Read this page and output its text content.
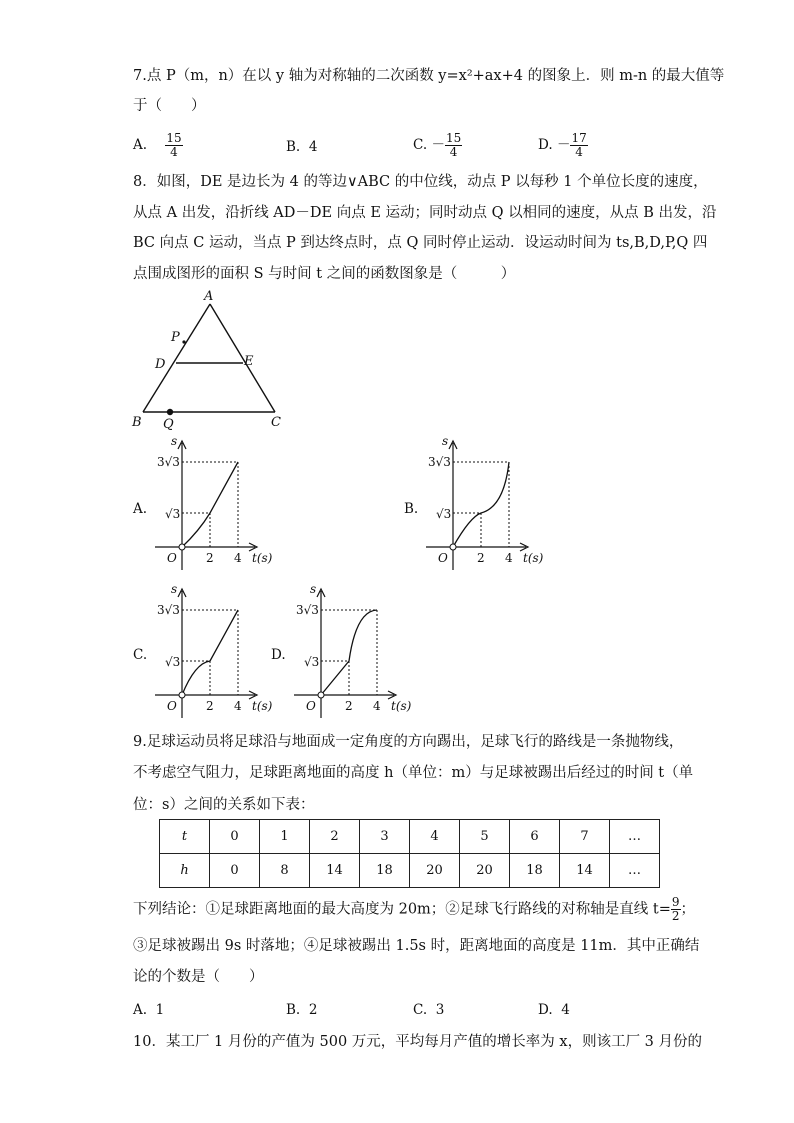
7.点 P（m，n）在以 y 轴为对称轴的二次函数 y=x²+ax+4 的图象上．则 m-n 的最大值等
于（　　）
A. $\frac{15}{4}$	B. 4	C. － $\frac{15}{4}$	D. － $\frac{17}{4}$
8．如图，DE 是边长为 4 的等边∨ABC 的中位线，动点 P 以每秒 1 个单位长度的速度，
从点 A 出发，沿折线 AD－DE 向点 E 运动；同时动点 Q 以相同的速度，从点 B 出发，沿
BC 向点 C 运动，当点 P 到达终点时，点 Q 同时停止运动．设运动时间为 ts,B,D,P,Q 四
点围成图形的面积 S 与时间 t 之间的函数图象是（　　　）
A
P
D	E
B Q	C
A.	B.
C.	D.
s
3√3
√3
O 2 4 t(s)
s
3√3
√3
O 2 4 t(s)
s
3√3
√3
O 2 4 t(s)
s
3√3
√3
O 2 4 t(s)
9.足球运动员将足球沿与地面成一定角度的方向踢出，足球飞行的路线是一条抛物线，
不考虑空气阻力，足球距离地面的高度 h（单位：m）与足球被踢出后经过的时间 t（单
位：s）之间的关系如下表：
t	0	1	2	3	4	5	6	7	…
h	0	8	14	18	20	20	18	14	…
下列结论：①足球距离地面的最大高度为 20m；②足球飞行路线的对称轴是直线 $t= \frac{9}{2}$ ；
③足球被踢出 9s 时落地；④足球被踢出 1.5s 时，距离地面的高度是 11m．其中正确结
论的个数是（　　）
A. 1	B. 2	C. 3	D. 4
10．某工厂 1 月份的产值为 500 万元，平均每月产值的增长率为 x，则该工厂 3 月份的
